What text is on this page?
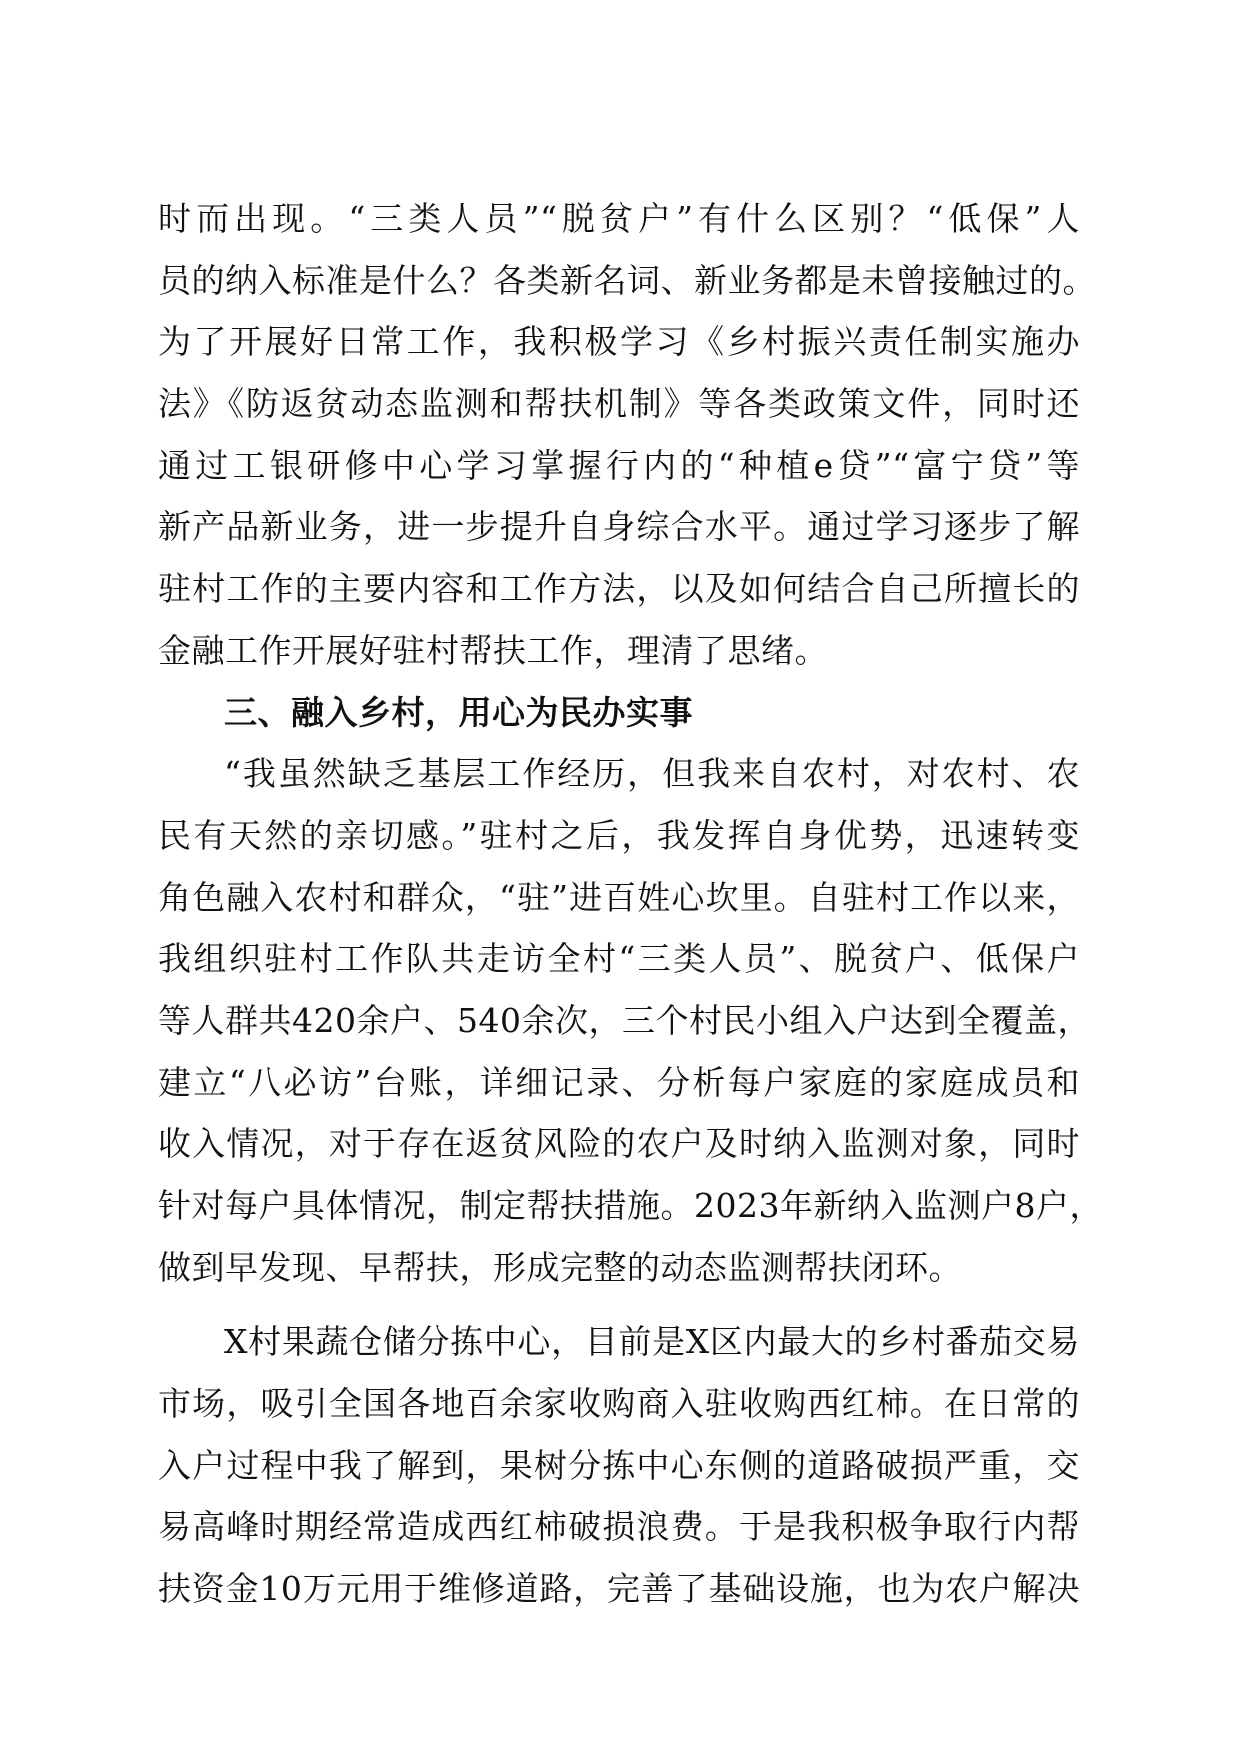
时而出现。“三类人员”“脱贫户”有什么区别？“低保”人
员的纳入标准是什么？各类新名词、新业务都是未曾接触过的。
为了开展好日常工作，我积极学习《乡村振兴责任制实施办
法》《防返贫动态监测和帮扶机制》等各类政策文件，同时还
通过工银研修中心学习掌握行内的“种植e贷”“富宁贷”等
新产品新业务，进一步提升自身综合水平。通过学习逐步了解
驻村工作的主要内容和工作方法，以及如何结合自己所擅长的
金融工作开展好驻村帮扶工作，理清了思绪。
三、融入乡村，用心为民办实事
“我虽然缺乏基层工作经历，但我来自农村，对农村、农
民有天然的亲切感。”驻村之后，我发挥自身优势，迅速转变
角色融入农村和群众，“驻”进百姓心坎里。自驻村工作以来，
我组织驻村工作队共走访全村“三类人员”、脱贫户、低保户
等人群共420余户、540余次，三个村民小组入户达到全覆盖，
建立“八必访”台账，详细记录、分析每户家庭的家庭成员和
收入情况，对于存在返贫风险的农户及时纳入监测对象，同时
针对每户具体情况，制定帮扶措施。2023年新纳入监测户8户，
做到早发现、早帮扶，形成完整的动态监测帮扶闭环。
X村果蔬仓储分拣中心，目前是X区内最大的乡村番茄交易
市场，吸引全国各地百余家收购商入驻收购西红柿。在日常的
入户过程中我了解到，果树分拣中心东侧的道路破损严重，交
易高峰时期经常造成西红柿破损浪费。于是我积极争取行内帮
扶资金10万元用于维修道路，完善了基础设施，也为农户解决
